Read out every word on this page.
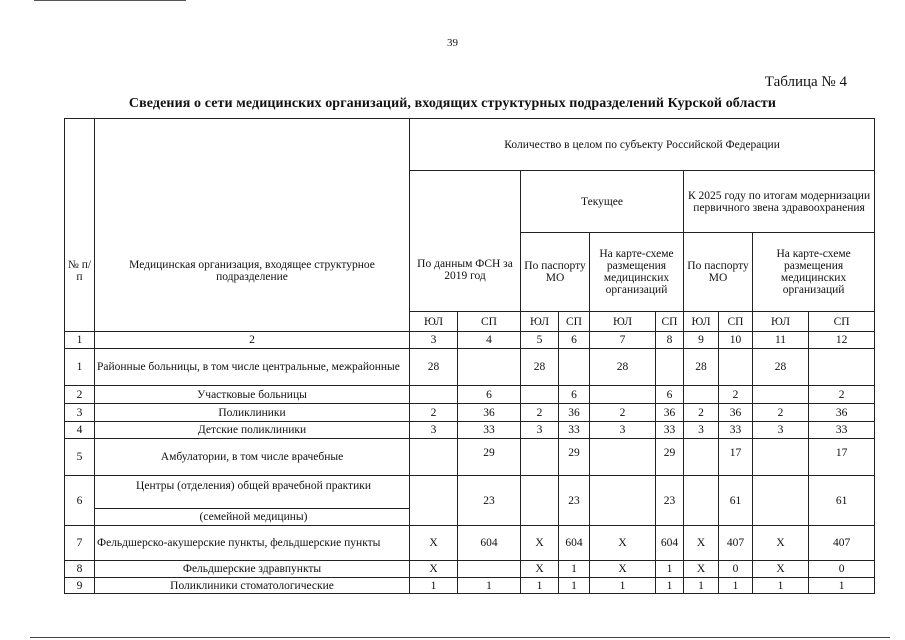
39
Таблица № 4
Сведения о сети медицинских организаций, входящих структурных подразделений Курской области
№ п/п	Медицинская организация, входящее структурное подразделение	Количество в целом по субъекту Российской Федерации									
		По данным ФСН за 2019 год		Текущее				К 2025 году по итогам модернизации первичного звена здравоохранения			
				По паспорту МО		На карте-схеме размещения медицинских организаций		По паспорту МО		На карте-схеме размещения медицинских организаций	
		ЮЛ	СП	ЮЛ	СП	ЮЛ	СП	ЮЛ	СП	ЮЛ	СП
1	2	3	4	5	6	7	8	9	10	11	12
1	Районные больницы, в том числе центральные, межрайонные	28		28		28		28		28	
2	Участковые больницы		6		6		6		2		2
3	Поликлиники	2	36	2	36	2	36	2	36	2	36
4	Детские поликлиники	3	33	3	33	3	33	3	33	3	33
5	Амбулатории, в том числе врачебные		29		29		29		17		17
6	Центры (отделения) общей врачебной практики
(семейной медицины)		23		23		23		61		61
7	Фельдшерско-акушерские пункты, фельдшерские пункты	Х	604	Х	604	Х	604	Х	407	Х	407
8	Фельдшерские здравпункты	Х		Х	1	Х	1	Х	0	Х	0
9	Поликлиники стоматологические	1	1	1	1	1	1	1	1	1	1
